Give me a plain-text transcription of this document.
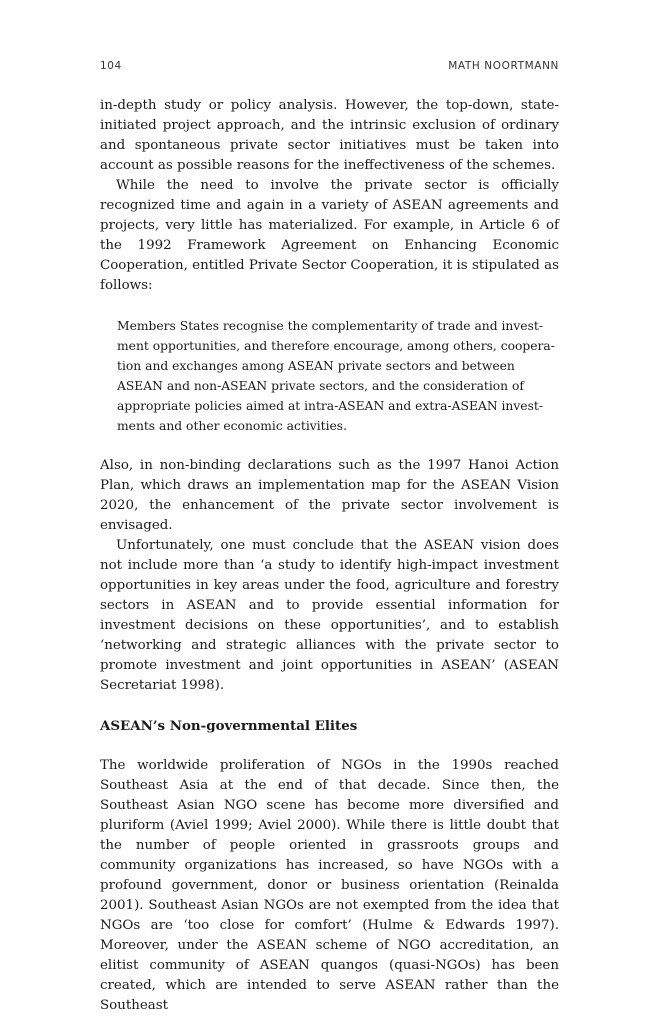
104	MATH NOORTMANN

in-depth study or policy analysis. However, the top-down, state-initiated project approach, and the intrinsic exclusion of ordinary and spontaneous private sector initiatives must be taken into account as possible reasons for the ineffectiveness of the schemes.

While the need to involve the private sector is officially recognized time and again in a variety of ASEAN agreements and projects, very little has materialized. For example, in Article 6 of the 1992 Framework Agreement on Enhancing Economic Cooperation, entitled Private Sector Cooperation, it is stipulated as follows:

Members States recognise the complementarity of trade and invest-
ment opportunities, and therefore encourage, among others, coopera-
tion and exchanges among ASEAN private sectors and between
ASEAN and non-ASEAN private sectors, and the consideration of
appropriate policies aimed at intra-ASEAN and extra-ASEAN invest-
ments and other economic activities.

Also, in non-binding declarations such as the 1997 Hanoi Action Plan, which draws an implementation map for the ASEAN Vision 2020, the enhancement of the private sector involvement is envisaged.

Unfortunately, one must conclude that the ASEAN vision does not include more than ‘a study to identify high-impact investment opportunities in key areas under the food, agriculture and forestry sectors in ASEAN and to provide essential information for investment decisions on these opportunities’, and to establish ‘networking and strategic alliances with the private sector to promote investment and joint opportunities in ASEAN’ (ASEAN Secretariat 1998).

ASEAN’s Non-governmental Elites

The worldwide proliferation of NGOs in the 1990s reached Southeast Asia at the end of that decade. Since then, the Southeast Asian NGO scene has become more diversified and pluriform (Aviel 1999; Aviel 2000). While there is little doubt that the number of people oriented in grassroots groups and community organizations has increased, so have NGOs with a profound government, donor or business orientation (Reinalda 2001). Southeast Asian NGOs are not exempted from the idea that NGOs are ‘too close for comfort’ (Hulme & Edwards 1997). Moreover, under the ASEAN scheme of NGO accreditation, an elitist community of ASEAN quangos (quasi-NGOs) has been created, which are intended to serve ASEAN rather than the Southeast
